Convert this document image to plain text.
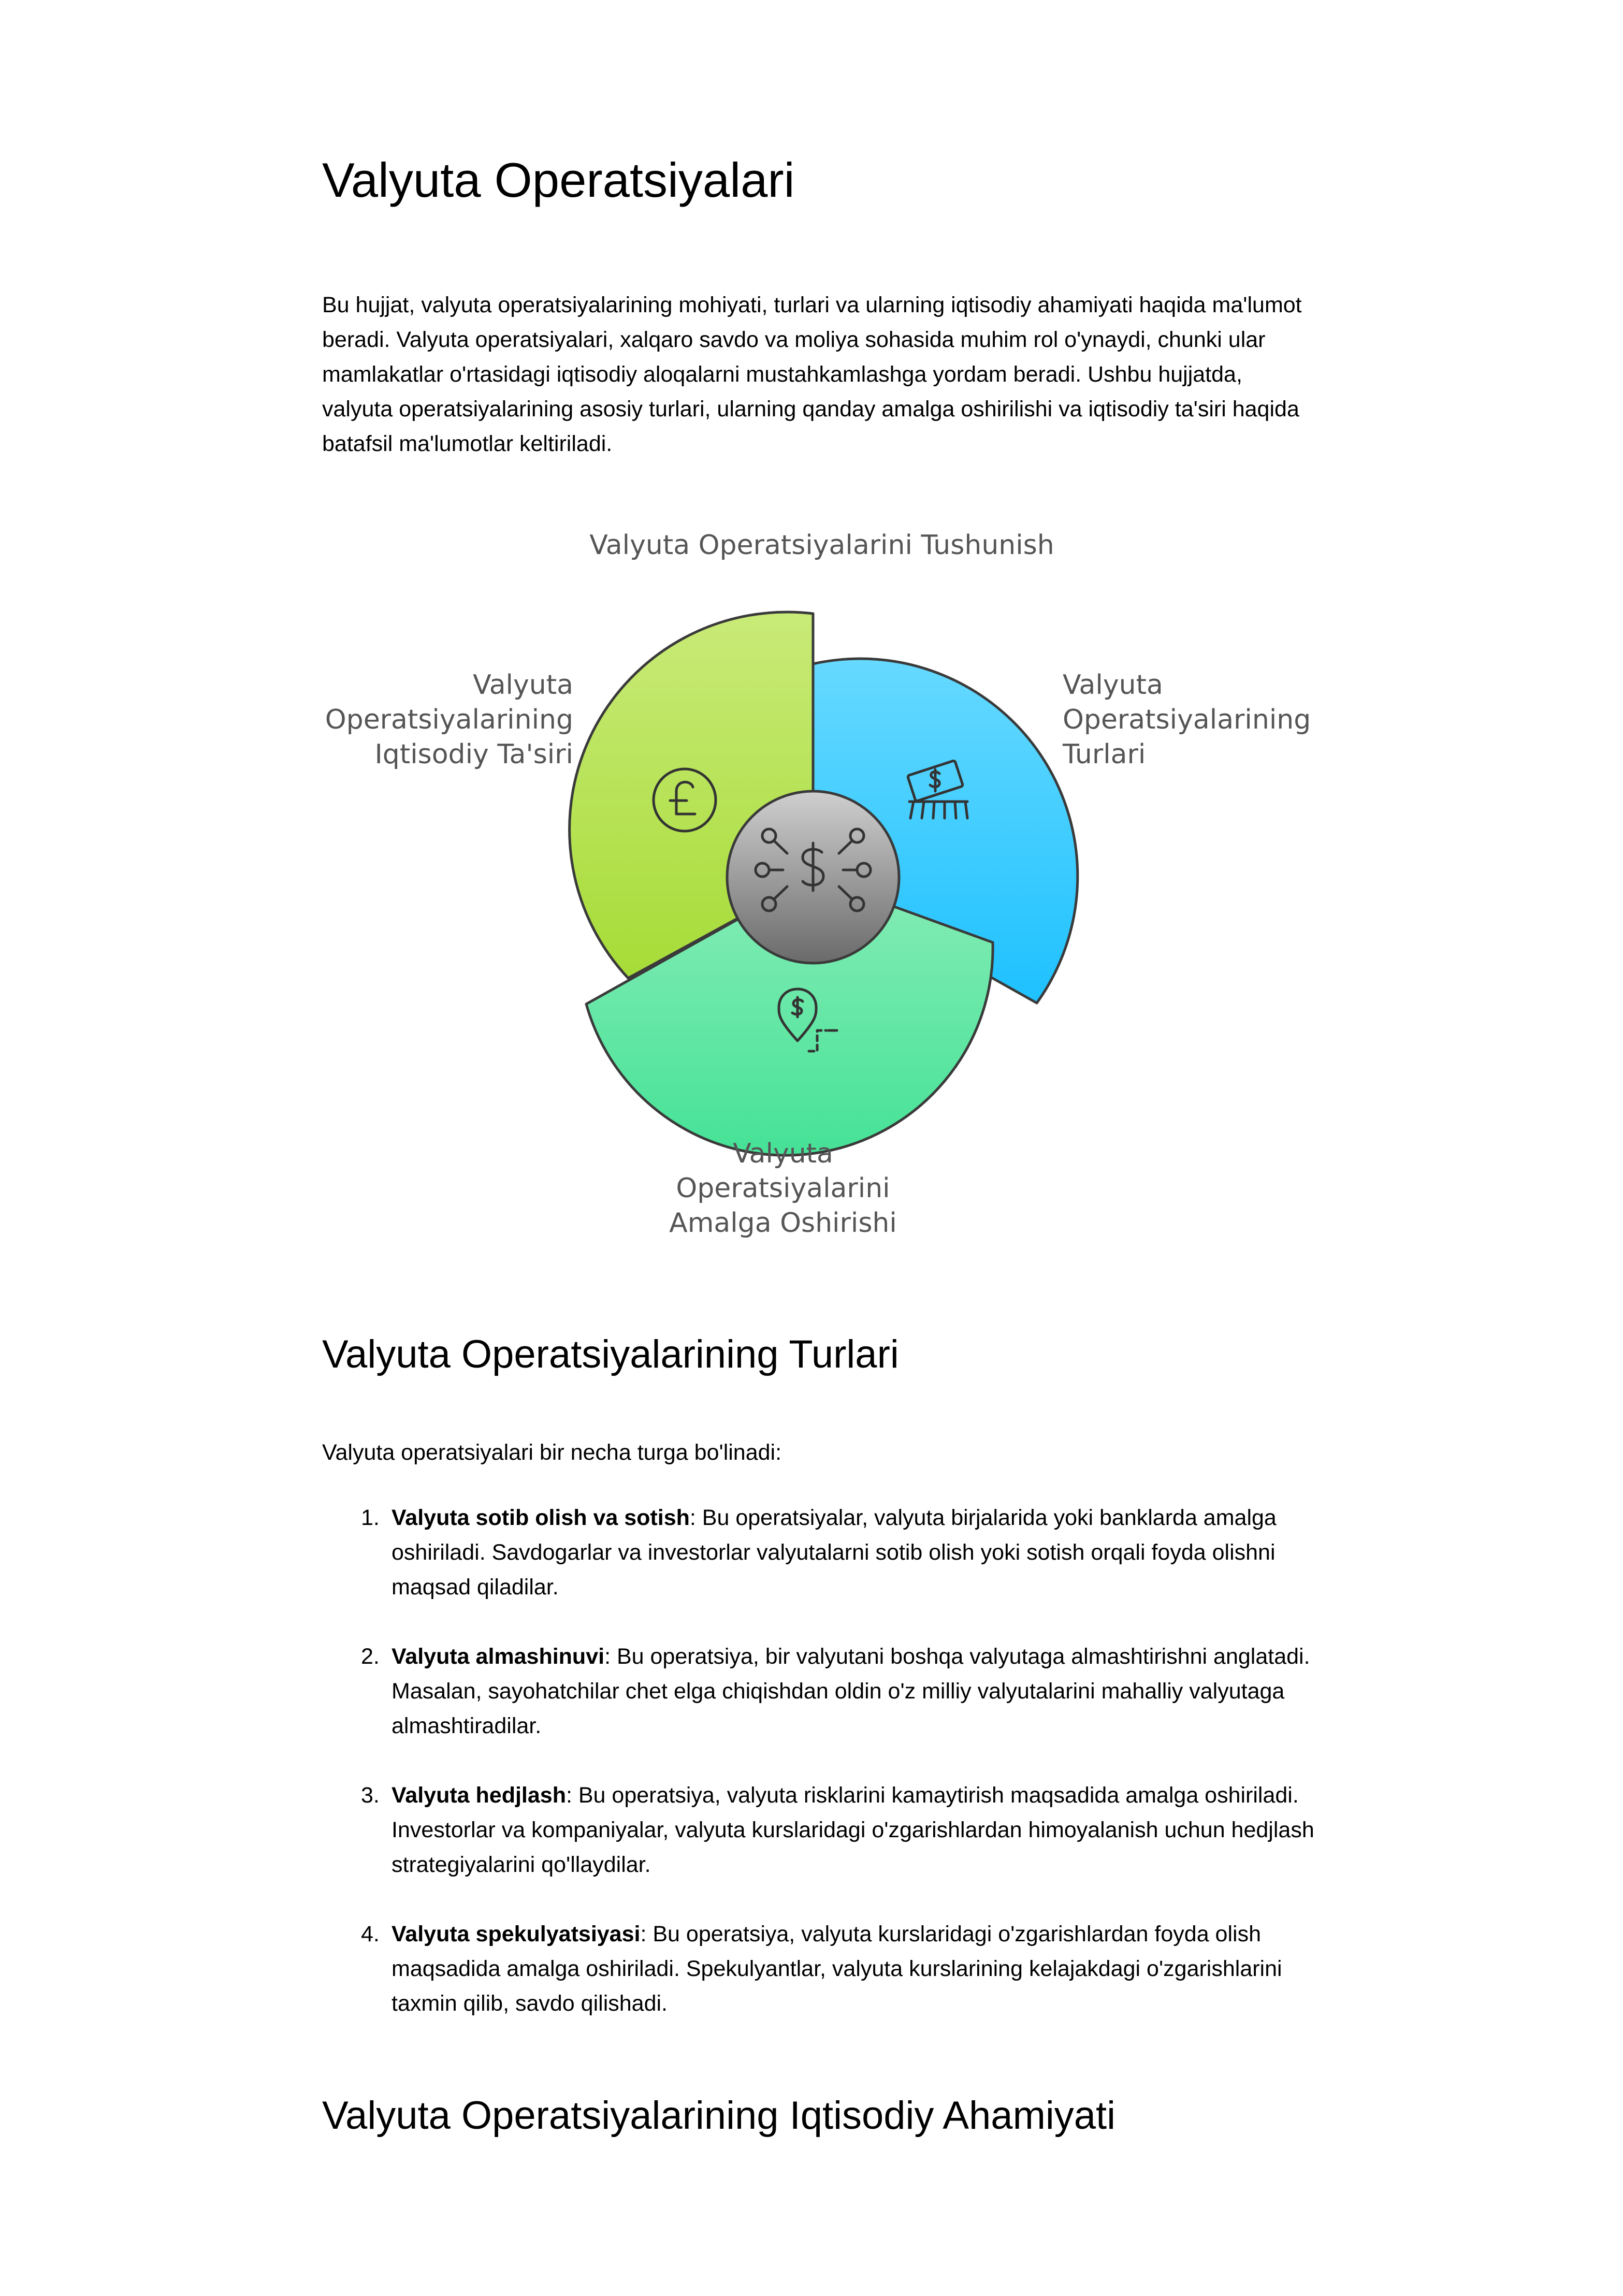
Valyuta Operatsiyalari

Bu hujjat, valyuta operatsiyalarining mohiyati, turlari va ularning iqtisodiy ahamiyati haqida ma'lumot beradi. Valyuta operatsiyalari, xalqaro savdo va moliya sohasida muhim rol o'ynaydi, chunki ular mamlakatlar o'rtasidagi iqtisodiy aloqalarni mustahkamlashga yordam beradi. Ushbu hujjatda, valyuta operatsiyalarining asosiy turlari, ularning qanday amalga oshirilishi va iqtisodiy ta'siri haqida batafsil ma'lumotlar keltiriladi.

Valyuta Operatsiyalarini Tushunish
Valyuta Operatsiyalarining Turlari
Valyuta Operatsiyalarini Amalga Oshirishi
Valyuta Operatsiyalarining Iqtisodiy Ta'siri
Valyuta Operatsiyalarining Turlari

Valyuta operatsiyalari bir necha turga bo'linadi:

1. Valyuta sotib olish va sotish: Bu operatsiyalar, valyuta birjalarida yoki banklarda amalga oshiriladi. Savdogarlar va investorlar valyutalarni sotib olish yoki sotish orqali foyda olishni maqsad qiladilar.
2. Valyuta almashinuvi: Bu operatsiya, bir valyutani boshqa valyutaga almashtirishni anglatadi. Masalan, sayohatchilar chet elga chiqishdan oldin o'z milliy valyutalarini mahalliy valyutaga almashtiradilar.
3. Valyuta hedjlash: Bu operatsiya, valyuta risklarini kamaytirish maqsadida amalga oshiriladi. Investorlar va kompaniyalar, valyuta kurslaridagi o'zgarishlardan himoyalanish uchun hedjlash strategiyalarini qo'llaydilar.
4. Valyuta spekulyatsiyasi: Bu operatsiya, valyuta kurslaridagi o'zgarishlardan foyda olish maqsadida amalga oshiriladi. Spekulyantlar, valyuta kurslarining kelajakdagi o'zgarishlarini taxmin qilib, savdo qilishadi.
Valyuta Operatsiyalarining Iqtisodiy Ahamiyati
